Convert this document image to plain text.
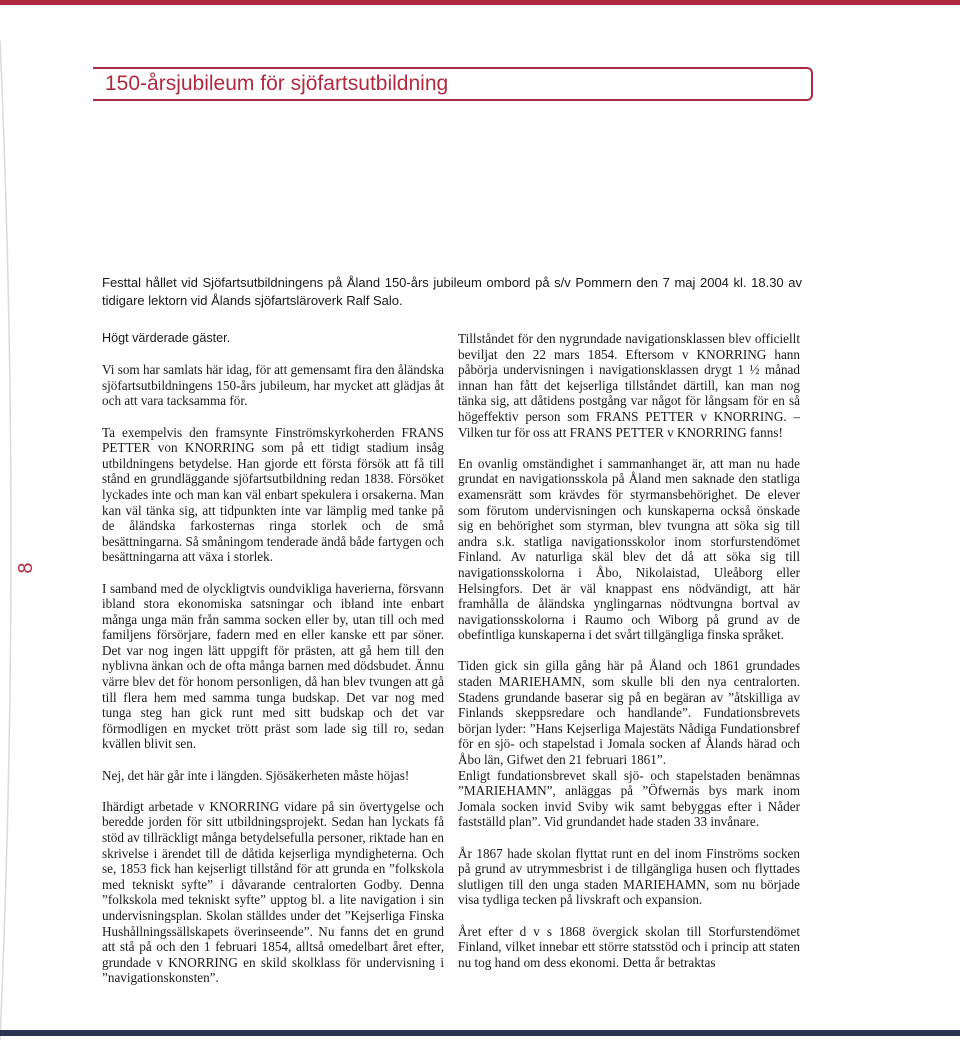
150-årsjubileum för sjöfartsutbildning
8
Festtal hållet vid Sjöfartsutbildningens på Åland 150-års jubileum ombord på s/v Pommern den 7 maj 2004 kl. 18.30 av tidigare lektorn vid Ålands sjöfartsläroverk Ralf Salo.

Högt värderade gäster.

Vi som har samlats här idag, för att gemensamt fira den åländska sjöfartsutbildningens 150-års jubileum, har mycket att glädjas åt och att vara tacksamma för.

Ta exempelvis den framsynte Finströmskyrkoherden FRANS PETTER von KNORRING som på ett tidigt stadium insåg utbildningens betydelse. Han gjorde ett första försök att få till stånd en grundläggande sjöfartsutbildning redan 1838. Försöket lyckades inte och man kan väl enbart spekulera i orsakerna. Man kan väl tänka sig, att tidpunkten inte var lämplig med tanke på de åländska farkosternas ringa storlek och de små besättningarna. Så småningom tenderade ändå både fartygen och besättningarna att växa i storlek.

I samband med de olyckligtvis oundvikliga haverierna, försvann ibland stora ekonomiska satsningar och ibland inte enbart många unga män från samma socken eller by, utan till och med familjens försörjare, fadern med en eller kanske ett par söner. Det var nog ingen lätt uppgift för prästen, att gå hem till den nyblivna änkan och de ofta många barnen med dödsbudet. Ännu värre blev det för honom personligen, då han blev tvungen att gå till flera hem med samma tunga budskap. Det var nog med tunga steg han gick runt med sitt budskap och det var förmodligen en mycket trött präst som lade sig till ro, sedan kvällen blivit sen.

Nej, det här går inte i längden. Sjösäkerheten måste höjas!

Ihärdigt arbetade v KNORRING vidare på sin övertygelse och beredde jorden för sitt utbildningsprojekt. Sedan han lyckats få stöd av tillräckligt många betydelsefulla personer, riktade han en skrivelse i ärendet till de dåtida kejserliga myndigheterna. Och se, 1853 fick han kejserligt tillstånd för att grunda en ”folkskola med tekniskt syfte” i dåvarande centralorten Godby. Denna ”folkskola med tekniskt syfte” upptog bl. a lite navigation i sin undervisningsplan. Skolan ställdes under det ”Kejserliga Finska Hushållningssällskapets överinseende”. Nu fanns det en grund att stå på och den 1 februari 1854, alltså omedelbart året efter, grundade v KNORRING en skild skolklass för undervisning i ”navigationskonsten”.

Tillståndet för den nygrundade navigationsklassen blev officiellt beviljat den 22 mars 1854. Eftersom v KNORRING hann påbörja undervisningen i navigationsklassen drygt 1 ½ månad innan han fått det kejserliga tillståndet därtill, kan man nog tänka sig, att dåtidens postgång var något för långsam för en så högeffektiv person som FRANS PETTER v KNORRING. – Vilken tur för oss att FRANS PETTER v KNORRING fanns!

En ovanlig omständighet i sammanhanget är, att man nu hade grundat en navigationsskola på Åland men saknade den statliga examensrätt som krävdes för styrmansbehörighet. De elever som förutom undervisningen och kunskaperna också önskade sig en behörighet som styrman, blev tvungna att söka sig till andra s.k. statliga navigationsskolor inom storfurstendömet Finland. Av naturliga skäl blev det då att söka sig till navigationsskolorna i Åbo, Nikolaistad, Uleåborg eller Helsingfors. Det är väl knappast ens nödvändigt, att här framhålla de åländska ynglingarnas nödtvungna bortval av navigationsskolorna i Raumo och Wiborg på grund av de obefintliga kunskaperna i det svårt tillgängliga finska språket.

Tiden gick sin gilla gång här på Åland och 1861 grundades staden MARIEHAMN, som skulle bli den nya centralorten. Stadens grundande baserar sig på en begäran av ”åtskilliga av Finlands skeppsredare och handlande”. Fundationsbrevets början lyder: ”Hans Kejserliga Majestäts Nådiga Fundationsbref för en sjö- och stapelstad i Jomala socken af Ålands härad och Åbo län, Gifwet den 21 februari 1861”.

Enligt fundationsbrevet skall sjö- och stapelstaden benämnas ”MARIEHAMN”, anläggas på ”Öfwernäs bys mark inom Jomala socken invid Sviby wik samt bebyggas efter i Nåder fastställd plan”. Vid grundandet hade staden 33 invånare.

År 1867 hade skolan flyttat runt en del inom Finströms socken på grund av utrymmesbrist i de tillgängliga husen och flyttades slutligen till den unga staden MARIEHAMN, som nu började visa tydliga tecken på livskraft och expansion.

Året efter d v s 1868 övergick skolan till Storfurstendömet Finland, vilket innebar ett större statsstöd och i princip att staten nu tog hand om dess ekonomi. Detta år betraktas
